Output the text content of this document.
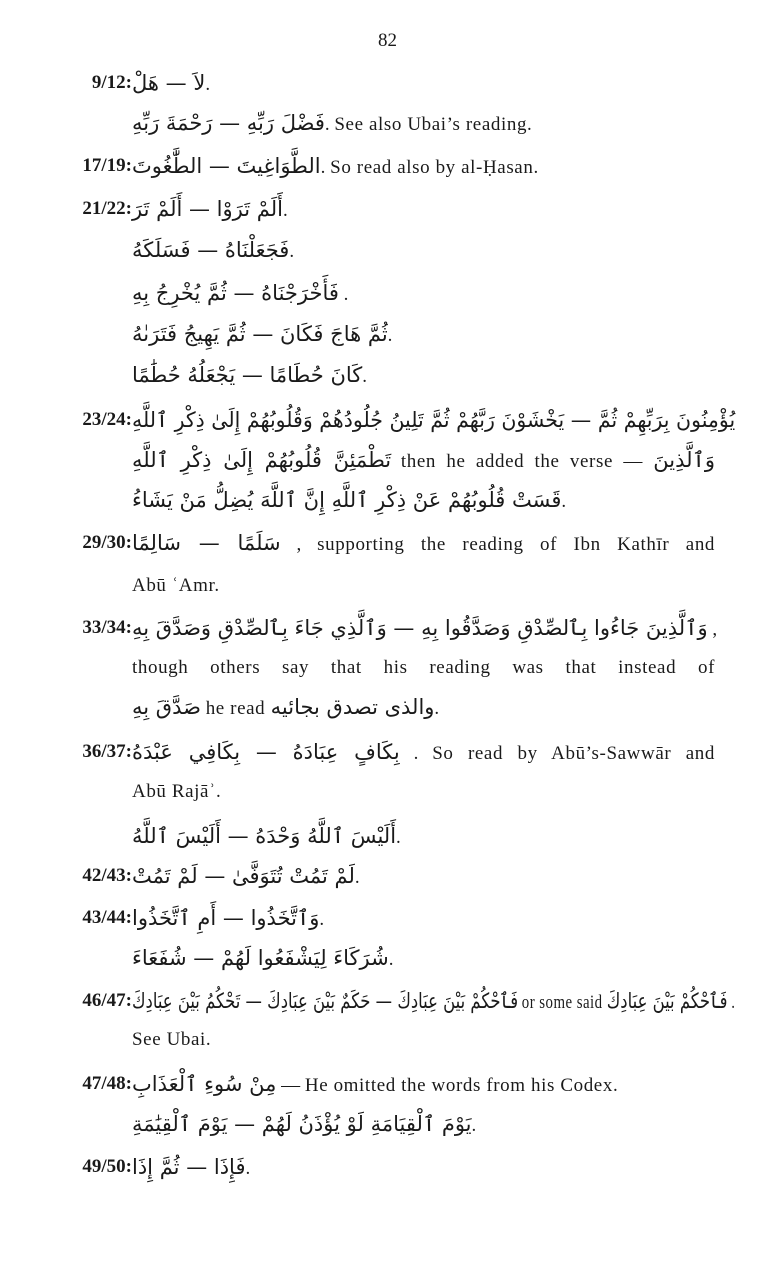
82
9/12: لاَ — هَلْ.
فَضْلَ رَبِّهِ — رَحْمَةَ رَبِّهِ. See also Ubai’s reading.
17/19: الطَّوَاغِيتَ — الطَّٰغُوتَ. So read also by al-Ḥasan.
21/22: أَلَمْ تَرَوْا — أَلَمْ تَرَ.
فَجَعَلْنَاهُ — فَسَلَكَهُ.
فَأَخْرَجْنَاهُ — ثُمَّ يُخْرِجُ بِهِ .
ثُمَّ هَاجَ فَكَانَ — ثُمَّ يَهِيجُ فَتَرَىٰهُ.
كَانَ حُطَامًا — يَجْعَلُهُ حُطَٰمًا.
23/24: يُؤْمِنُونَ بِرَبِّهِمْ ثُمَّ — يَخْشَوْنَ رَبَّهُمْ ثُمَّ تَلِينُ جُلُودُهُمْ وَقُلُوبُهُمْ إِلَىٰ ذِكْرِ ٱللَّهِ
تَطْمَئِنَّ قُلُوبُهُمْ إِلَىٰ ذِكْرِ ٱللَّهِ then he added the verse — وَٱلَّذِينَ
قَسَتْ قُلُوبُهُمْ عَنْ ذِكْرِ ٱللَّهِ إِنَّ ٱللَّهَ يُضِلُّ مَنْ يَشَاءُ.
29/30: سَلَمًا — سَالِمًا , supporting the reading of Ibn Kathīr and
Abū ʿAmr.
33/34: وَٱلَّذِينَ جَاءُوا بِٱلصِّدْقِ وَصَدَّقُوا بِهِ — وَٱلَّذِي جَاءَ بِٱلصِّدْقِ وَصَدَّقَ بِهِ ,
though others say that his reading was that instead of
صَدَّقَ بِهِ he read والذى تصدق بجائيه.
36/37: بِكَافٍ عِبَادَهُ — بِكَافِي عَبْدَهُ . So read by Abū’s-Sawwār and
Abū Rajāʾ.
أَلَيْسَ ٱللَّهُ وَحْدَهُ — أَلَيْسَ ٱللَّهُ.
42/43: لَمْ تَمُتْ تُتَوَفَّىٰ — لَمْ تَمُتْ.
43/44: وَٱتَّخَذُوا — أَمِ ٱتَّخَذُوا.
شُرَكَاءَ لِيَشْفَعُوا لَهُمْ — شُفَعَاءَ.
46/47: فَٱحْكُمْ بَيْنَ عِبَادِكَ — حَكَمٌ بَيْنَ عِبَادِكَ — تَحْكُمُ بَيْنَ عِبَادِكَ or some said فَٱحْكُمْ بَيْنَ عِبَادِكَ .
See Ubai.
47/48: مِنْ سُوءِ ٱلْعَذَابِ — He omitted the words from his Codex.
يَوْمَ ٱلْقِيَامَةِ لَوْ يُؤْذَنُ لَهُمْ — يَوْمَ ٱلْقِيَٰمَةِ.
49/50: فَإِذَا — ثُمَّ إِذَا.
